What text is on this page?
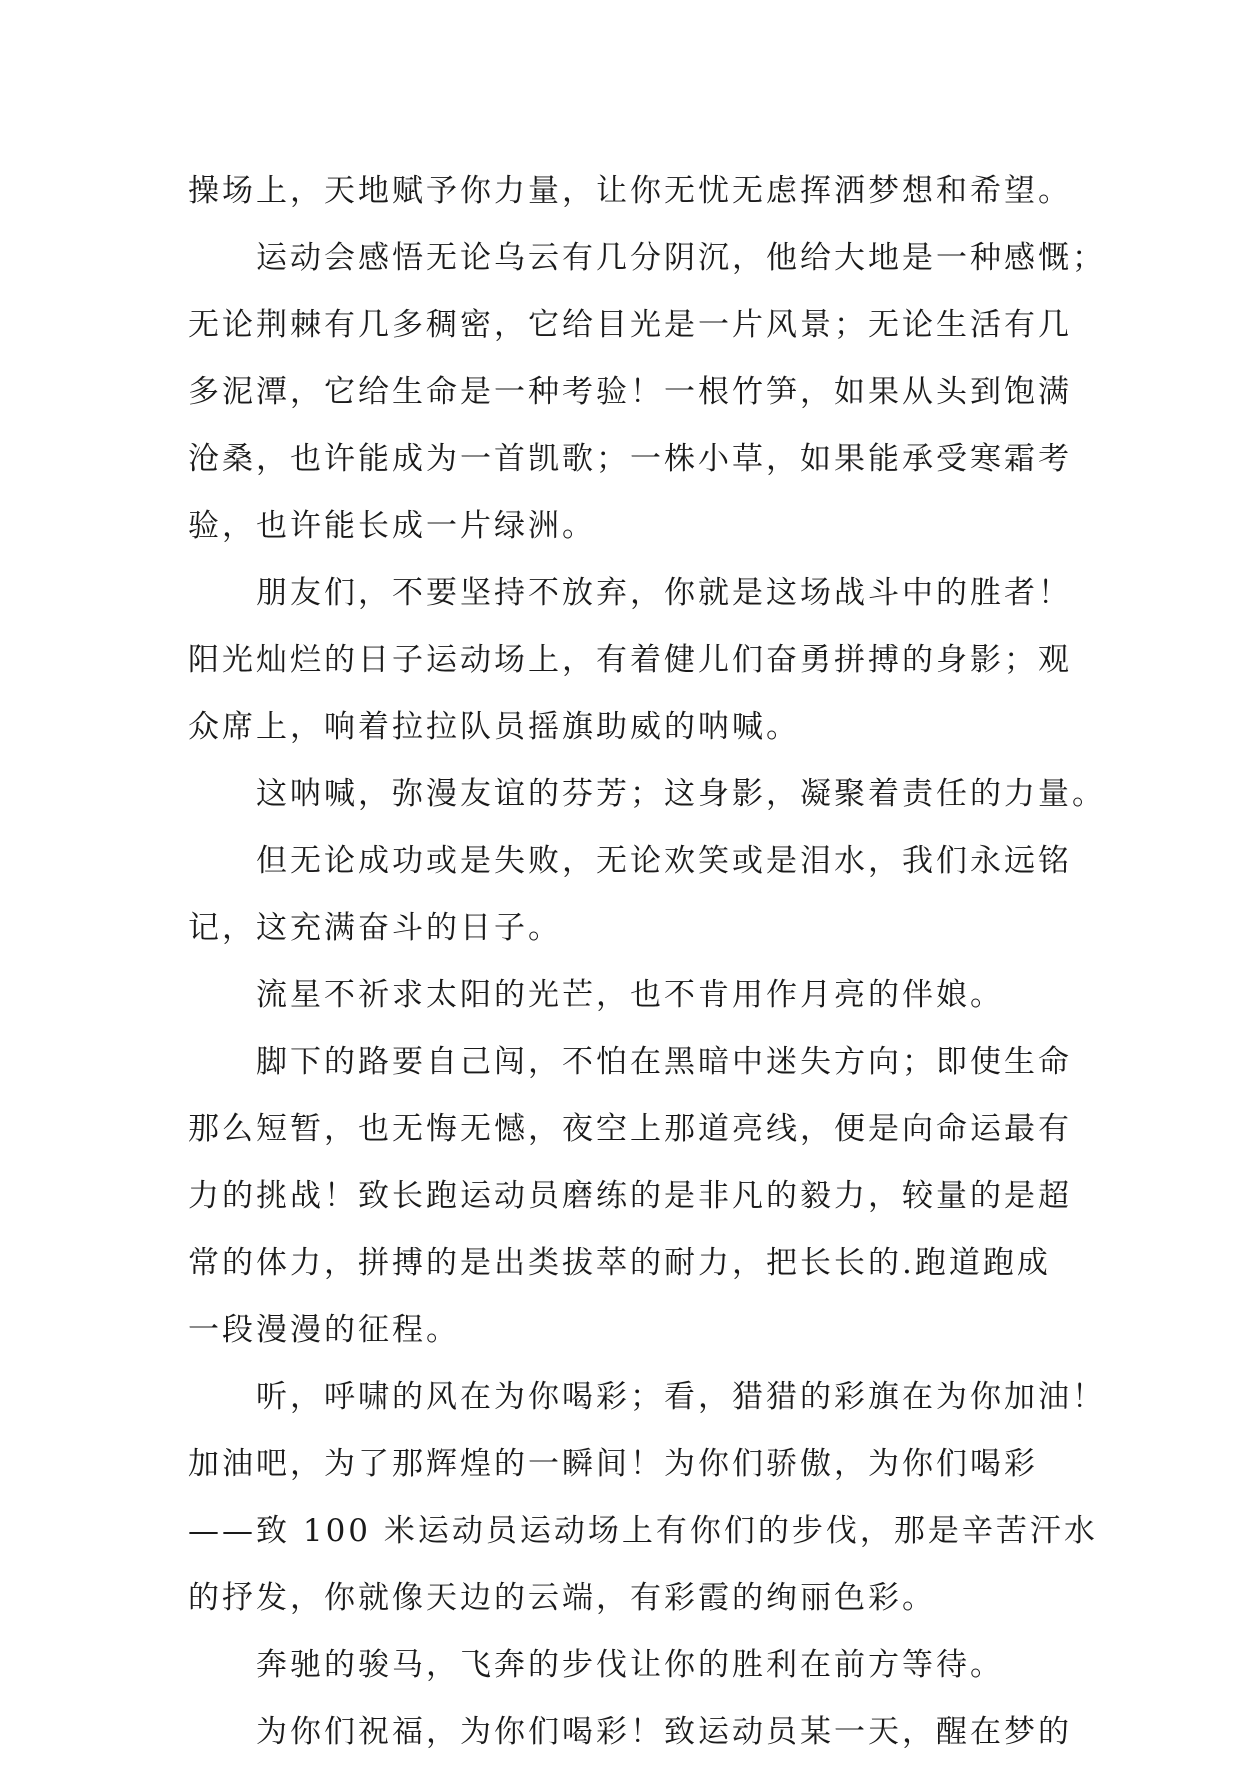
操场上，天地赋予你力量，让你无忧无虑挥洒梦想和希望。
运动会感悟无论乌云有几分阴沉，他给大地是一种感慨；
无论荆棘有几多稠密，它给目光是一片风景；无论生活有几
多泥潭，它给生命是一种考验！一根竹笋，如果从头到饱满
沧桑，也许能成为一首凯歌；一株小草，如果能承受寒霜考
验，也许能长成一片绿洲。
朋友们，不要坚持不放弃，你就是这场战斗中的胜者！
阳光灿烂的日子运动场上，有着健儿们奋勇拼搏的身影；观
众席上，响着拉拉队员摇旗助威的呐喊。
这呐喊，弥漫友谊的芬芳；这身影，凝聚着责任的力量。
但无论成功或是失败，无论欢笑或是泪水，我们永远铭
记，这充满奋斗的日子。
流星不祈求太阳的光芒，也不肯用作月亮的伴娘。
脚下的路要自己闯，不怕在黑暗中迷失方向；即使生命
那么短暂，也无悔无憾，夜空上那道亮线，便是向命运最有
力的挑战！致长跑运动员磨练的是非凡的毅力，较量的是超
常的体力，拼搏的是出类拔萃的耐力，把长长的.跑道跑成
一段漫漫的征程。
听，呼啸的风在为你喝彩；看，猎猎的彩旗在为你加油！
加油吧，为了那辉煌的一瞬间！为你们骄傲，为你们喝彩
——致 100 米运动员运动场上有你们的步伐，那是辛苦汗水
的抒发，你就像天边的云端，有彩霞的绚丽色彩。
奔驰的骏马，飞奔的步伐让你的胜利在前方等待。
为你们祝福，为你们喝彩！致运动员某一天，醒在梦的
